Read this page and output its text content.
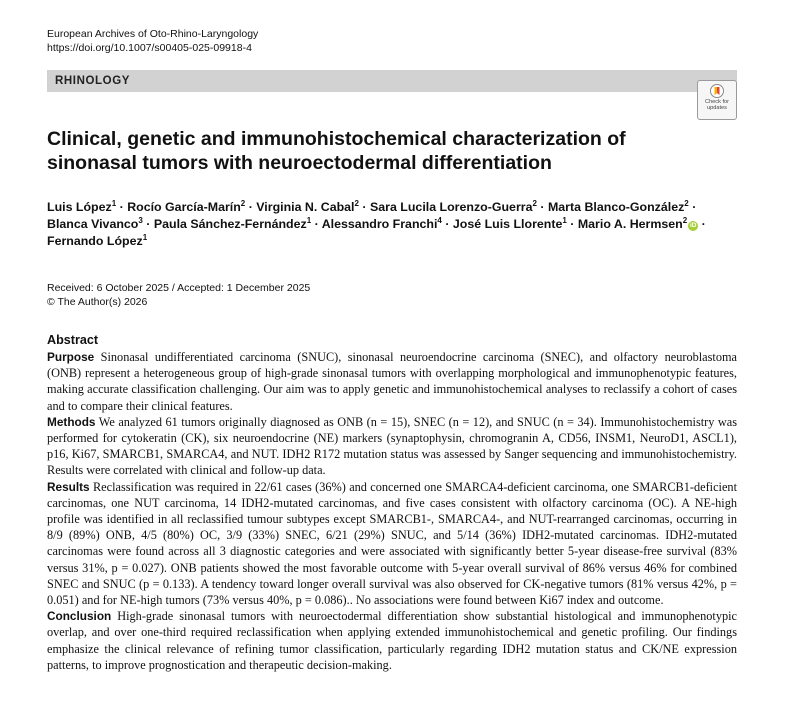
European Archives of Oto-Rhino-Laryngology
https://doi.org/10.1007/s00405-025-09918-4
RHINOLOGY
Check for
updates
Clinical, genetic and immunohistochemical characterization of sinonasal tumors with neuroectodermal differentiation
Luis López$^1$ · Rocío García-Marín$^2$ · Virginia N. Cabal$^2$ · Sara Lucila Lorenzo-Guerra$^2$ · Marta Blanco-González$^2$ ·
Blanca Vivanco$^3$ · Paula Sánchez-Fernández$^1$ · Alessandro Franchi$^4$ · José Luis Llorente$^1$ · Mario A. Hermsen$^2$iD ·
Fernando López$^1$
Received: 6 October 2025 / Accepted: 1 December 2025
© The Author(s) 2026
Abstract

Purpose Sinonasal undifferentiated carcinoma (SNUC), sinonasal neuroendocrine carcinoma (SNEC), and olfactory neuroblastoma (ONB) represent a heterogeneous group of high-grade sinonasal tumors with overlapping morphological and immunophenotypic features, making accurate classification challenging. Our aim was to apply genetic and immunohistochemical analyses to reclassify a cohort of cases and to compare their clinical features.

Methods We analyzed 61 tumors originally diagnosed as ONB (n = 15), SNEC (n = 12), and SNUC (n = 34). Immunohistochemistry was performed for cytokeratin (CK), six neuroendocrine (NE) markers (synaptophysin, chromogranin A, CD56, INSM1, NeuroD1, ASCL1), p16, Ki67, SMARCB1, SMARCA4, and NUT. IDH2 R172 mutation status was assessed by Sanger sequencing and immunohistochemistry. Results were correlated with clinical and follow-up data.

Results Reclassification was required in 22/61 cases (36%) and concerned one SMARCA4-deficient carcinoma, one SMARCB1-deficient carcinomas, one NUT carcinoma, 14 IDH2-mutated carcinomas, and five cases consistent with olfactory carcinoma (OC). A NE-high profile was identified in all reclassified tumour subtypes except SMARCB1-, SMARCA4-, and NUT-rearranged carcinomas, occurring in 8/9 (89%) ONB, 4/5 (80%) OC, 3/9 (33%) SNEC, 6/21 (29%) SNUC, and 5/14 (36%) IDH2-mutated carcinomas. IDH2-mutated carcinomas were found across all 3 diagnostic categories and were associated with significantly better 5-year disease-free survival (83% versus 31%, p = 0.027). ONB patients showed the most favorable outcome with 5-year overall survival of 86% versus 46% for combined SNEC and SNUC (p = 0.133). A tendency toward longer overall survival was also observed for CK-negative tumors (81% versus 42%, p = 0.051) and for NE-high tumors (73% versus 40%, p = 0.086).. No associations were found between Ki67 index and outcome.

Conclusion High-grade sinonasal tumors with neuroectodermal differentiation show substantial histological and immunophenotypic overlap, and over one-third required reclassification when applying extended immunohistochemical and genetic profiling. Our findings emphasize the clinical relevance of refining tumor classification, particularly regarding IDH2 mutation status and CK/NE expression patterns, to improve prognostication and therapeutic decision-making.
